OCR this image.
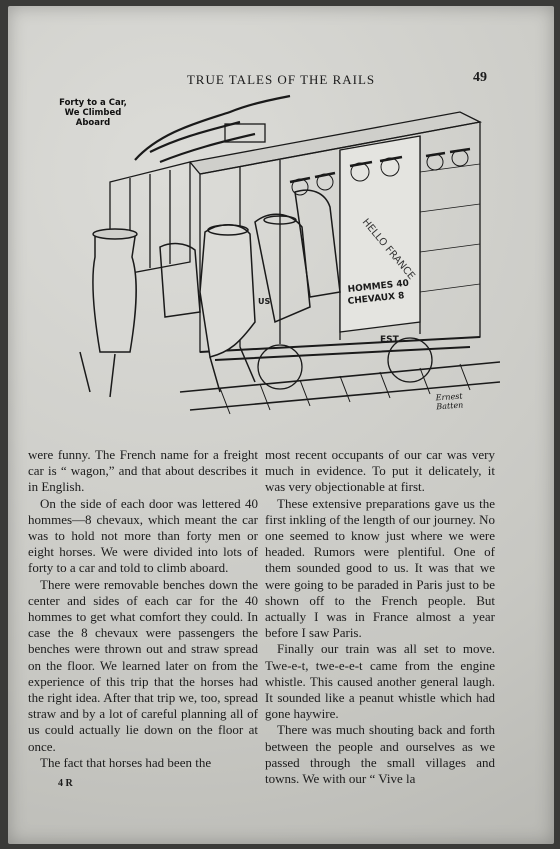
TRUE TALES OF THE RAILS	49
HOMMES 40
CHEVAUX 8
HELLO FRANCE
EST
US
Forty to a Car,
We Climbed
Aboard
Ernest
Batten

were funny. The French name for a freight car is “ wagon,” and that about describes it in English.

On the side of each door was lettered 40 hommes—8 chevaux, which meant the car was to hold not more than forty men or eight horses. We were divided into lots of forty to a car and told to climb aboard.

There were removable benches down the center and sides of each car for the 40 hommes to get what comfort they could. In case the 8 chevaux were passengers the benches were thrown out and straw spread on the floor. We learned later on from the experience of this trip that the horses had the right idea. After that trip we, too, spread straw and by a lot of careful planning all of us could actually lie down on the floor at once.

The fact that horses had been the

most recent occupants of our car was very much in evidence. To put it delicately, it was very objectionable at first.

These extensive preparations gave us the first inkling of the length of our journey. No one seemed to know just where we were headed. Rumors were plentiful. One of them sounded good to us. It was that we were going to be paraded in Paris just to be shown off to the French people. But actually I was in France almost a year before I saw Paris.

Finally our train was all set to move. Twe-e-t, twe-e-e-t came from the engine whistle. This caused another general laugh. It sounded like a peanut whistle which had gone haywire.

There was much shouting back and forth between the people and ourselves as we passed through the small villages and towns. We with our “ Vive la

4 R
